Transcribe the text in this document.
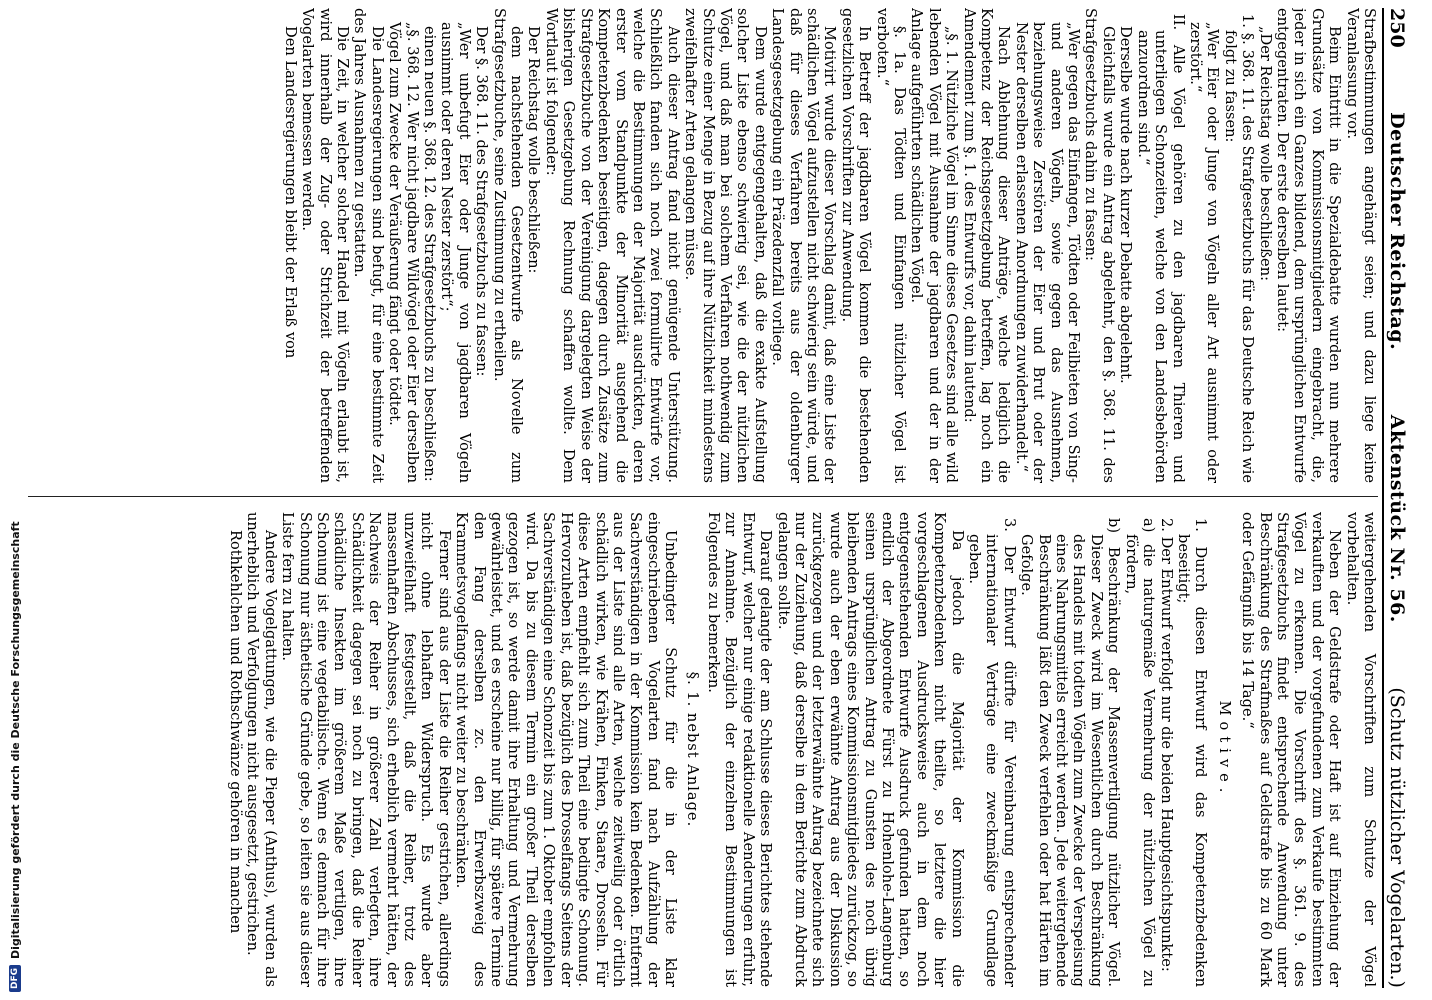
DFG
Digitalisierung gefördert durch die Deutsche Forschungsgemeinschaft
250
Deutscher Reichstag.
Aktenstück Nr. 56.
(Schutz nützlicher Vogelarten.)

Strafbestimmungen angehängt seien; und dazu liege keine Veranlassung vor.

Beim Eintritt in die Spezialdebatte wurden nun mehrere Grundsätze von Kommissionsmitgliedern eingebracht, die, jeder in sich ein Ganzes bildend, dem ursprünglichen Entwurfe entgegentraten. Der erste derselben lautet:

„Der Reichstag wolle beschließen:

1. §. 368. 11. des Strafgesetzbuchs für das Deutsche Reich wie folgt zu fassen:

„Wer Eier oder Junge von Vögeln aller Art ausnimmt oder zerstört.“

II. Alle Vögel gehören zu den jagdbaren Thieren und unterliegen Schonzeiten, welche von den Landesbehörden anzuordnen sind.“

Derselbe wurde nach kurzer Debatte abgelehnt.

Gleichfalls wurde ein Antrag abgelehnt, den §. 368. 11. des Strafgesetzbuchs dahin zu fassen:

„Wer gegen das Einfangen, Tödten oder Feilbieten von Sing- und anderen Vögeln, sowie gegen das Ausnehmen, beziehungsweise Zerstören der Eier und Brut oder der Nester derselben erlassenen Anordnungen zuwiderhandelt.“

Nach Ablehnung dieser Anträge, welche lediglich die Kompetenz der Reichsgesetzgebung betreffen, lag noch ein Amendement zum §. 1. des Entwurfs vor, dahin lautend:

„§. 1. Nützliche Vögel im Sinne dieses Gesetzes sind alle wild lebenden Vögel mit Ausnahme der jagdbaren und der in der Anlage aufgeführten schädlichen Vögel.

§. 1a. Das Tödten und Einfangen nützlicher Vögel ist verboten.“

In Betreff der jagdbaren Vögel kommen die bestehenden gesetzlichen Vorschriften zur Anwendung.

Motivirt wurde dieser Vorschlag damit, daß eine Liste der schädlichen Vögel aufzustellen nicht schwierig sein würde, und daß für dieses Verfahren bereits aus der oldenburger Landesgesetzgebung ein Präzedenzfall vorliege.

Dem wurde entgegengehalten, daß die exakte Aufstellung solcher Liste ebenso schwierig sei, wie die der nützlichen Vögel, und daß man bei solchem Verfahren nothwendig zum Schutze einer Menge in Bezug auf ihre Nützlichkeit mindestens zweifelhafter Arten gelangen müsse.

Auch dieser Antrag fand nicht genügende Unterstützung. Schließlich fanden sich noch zwei formulirte Entwürfe vor, welche die Bestimmungen der Majorität ausdrückten, deren erster vom Standpunkte der Minorität ausgehend die Kompetenzbedenken beseitigen, dagegen durch Zusätze zum Strafgesetzbuche von der Vereinigung dargelegten Weise der bisherigen Gesetzgebung Rechnung schaffen wollte. Dem Wortlaut ist folgender:

Der Reichstag wolle beschließen:

dem nachstehenden Gesetzentwurfe als Novelle zum Strafgesetzbuche, seine Zustimmung zu ertheilen.

Der §. 368. 11. des Strafgesetzbuchs zu fassen:

„Wer unbefugt Eier oder Junge von jagdbaren Vögeln ausnimmt oder deren Nester zerstört“;

einen neuen §. 368. 12. des Strafgesetzbuchs zu beschließen:

„§. 368. 12. Wer nicht jagdbare Wildvögel oder Eier derselben Vögel zum Zwecke der Veräußerung fängt oder tödtet.

Die Landesregierungen sind befugt, für eine bestimmte Zeit des Jahres Ausnahmen zu gestatten.

Die Zeit, in welcher solcher Handel mit Vögeln erlaubt ist, wird innerhalb der Zug- oder Strichzeit der betreffenden Vogelarten bemessen werden.

Den Landesregierungen bleibt der Erlaß von

weitergehenden Vorschriften zum Schutze der Vögel vorbehalten.

Neben der Geldstrafe oder Haft ist auf Einziehung der verkauften und der vorgefundenen zum Verkaufe bestimmten Vögel zu erkennen. Die Vorschrift des §. 361. 9. des Strafgesetzbuchs findet entsprechende Anwendung unter Beschränkung des Strafmaßes auf Geldstrafe bis zu 60 Mark oder Gefängniß bis 14 Tage.“

Motive.

1. Durch diesen Entwurf wird das Kompetenzbedenken beseitigt;

2. Der Entwurf verfolgt nur die beiden Hauptgesichtspunkte:

a) die naturgemäße Vermehrung der nützlichen Vögel zu fördern,

b) Beschränkung der Massenvertilgung nützlicher Vögel. Dieser Zweck wird im Wesentlichen durch Beschränkung des Handels mit todten Vögeln zum Zwecke der Verspeisung eines Nahrungsmittels erreicht werden. Jede weitergehende Beschränkung läßt den Zweck verfehlen oder hat Härten im Gefolge.

3. Der Entwurf dürfte für Vereinbarung entsprechender internationaler Verträge eine zweckmäßige Grundlage geben.

Da jedoch die Majorität der Kommission die Kompetenzbedenken nicht theilte, so letztere die hier vorgeschlagenen Ausdrucksweise auch in dem noch entgegenstehenden Entwurfe Ausdruck gefunden hatten, so endlich der Abgeordnete Fürst zu Hohenlohe-Langenburg seinen ursprünglichen Antrag zu Gunsten des noch übrig bleibenden Antrags eines Kommissionsmitgliedes zurückzog, so wurde auch der eben erwähnte Antrag aus der Diskussion zurückgezogen und der letzterwähnte Antrag bezeichnete sich nur der Zuziehung, daß derselbe in dem Berichte zum Abdruck gelangen sollte.

Darauf gelangte der am Schlusse dieses Berichtes stehende Entwurf, welcher nur einige redaktionelle Aenderungen erfuhr, zur Annahme. Bezüglich der einzelnen Bestimmungen ist Folgendes zu bemerken.

§. 1. nebst Anlage.

Unbedingter Schutz für die in der Liste klar eingeschriebenen Vogelarten fand nach Aufzählung der Sachverständigen in der Kommission kein Bedenken. Entfernt aus der Liste sind alle Arten, welche zeitweilig oder örtlich schädlich wirken, wie Krähen, Finken, Staare, Drosseln. Für diese Arten empfiehlt sich zum Theil eine bedingte Schonung. Hervorzuheben ist, daß bezüglich des Drosselfangs Seitens der Sachverständigen eine Schonzeit bis zum 1. Oktober empfohlen wird. Da bis zu diesem Termin ein großer Theil derselben gezogen ist, so werde damit ihre Erhaltung und Vermehrung gewährleistet, und es erscheine nur billig, für spätere Termine den Fang derselben zc. den Erwerbszweig des Krammetsvogelfangs nicht weiter zu beschränken.

Ferner sind aus der Liste die Reiher gestrichen, allerdings nicht ohne lebhaften Widerspruch. Es wurde aber unzweifelhaft festgestellt, daß die Reiher, trotz des massenhaften Abschusses, sich erheblich vermehrt hätten, der Nachweis der Reiher in größerer Zahl verlegten, ihre Schädlichkeit dagegen sei noch zu bringen, daß die Reiher schädliche Insekten im größerem Maße vertilgen, ihre Schonung ist eine vegetabilische. Wenn es demnach für ihre Schonung nur ästhetische Gründe gebe, so leiten sie aus dieser Liste fern zu halten.

Andere Vogelgattungen, wie die Pieper (Anthus), wurden als unerheblich und Verfolgungen nicht ausgesetzt, gestrichen.

Rothkehlchen und Rothschwänze gehören in manchen
